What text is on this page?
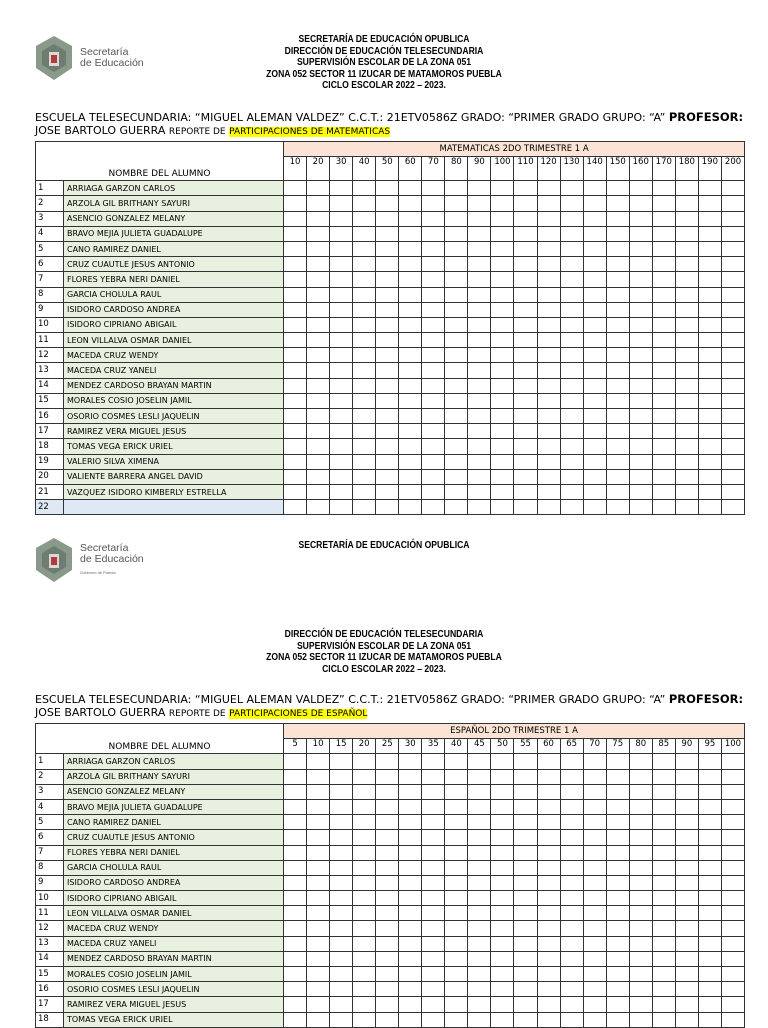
Secretaría
de Educación
SECRETARÍA DE EDUCACIÓN OPUBLICA
DIRECCIÓN DE EDUCACIÓN TELESECUNDARIA
SUPERVISIÓN ESCOLAR DE LA ZONA 051
ZONA 052 SECTOR 11 IZUCAR DE MATAMOROS PUEBLA
CICLO ESCOLAR 2022 – 2023.
ESCUELA TELESECUNDARIA: “MIGUEL ALEMAN VALDEZ” C.C.T.: 21ETV0586Z GRADO: “PRIMER GRADO GRUPO: “A” PROFESOR:
JOSE BARTOLO GUERRA REPORTE DE PARTICIPACIONES DE MATEMATICAS
NOMBRE DEL ALUMNO		MATEMATICAS 2DO TRIMESTRE 1 A																			
		10	20	30	40	50	60	70	80	90	100	110	120	130	140	150	160	170	180	190	200
1	ARRIAGA GARZON CARLOS																				
2	ARZOLA GIL BRITHANY SAYURI																				
3	ASENCIO GONZALEZ MELANY																				
4	BRAVO MEJIA JULIETA GUADALUPE																				
5	CANO RAMIREZ DANIEL																				
6	CRUZ CUAUTLE JESUS ANTONIO																				
7	FLORES YEBRA NERI DANIEL																				
8	GARCIA CHOLULA RAUL																				
9	ISIDORO CARDOSO ANDREA																				
10	ISIDORO CIPRIANO ABIGAIL																				
11	LEON VILLALVA OSMAR DANIEL																				
12	MACEDA CRUZ WENDY																				
13	MACEDA CRUZ YANELI																				
14	MENDEZ CARDOSO BRAYAN MARTIN																				
15	MORALES COSIO JOSELIN JAMIL																				
16	OSORIO COSMES LESLI JAQUELIN																				
17	RAMIREZ VERA MIGUEL JESUS																				
18	TOMAS VEGA ERICK URIEL																				
19	VALERIO SILVA XIMENA																				
20	VALIENTE BARRERA ANGEL DAVID																				
21	VAZQUEZ ISIDORO KIMBERLY ESTRELLA																				
22																					
Secretaría
de Educación
Gobierno de Puebla
SECRETARÍA DE EDUCACIÓN OPUBLICA
DIRECCIÓN DE EDUCACIÓN TELESECUNDARIA
SUPERVISIÓN ESCOLAR DE LA ZONA 051
ZONA 052 SECTOR 11 IZUCAR DE MATAMOROS PUEBLA
CICLO ESCOLAR 2022 – 2023.
ESCUELA TELESECUNDARIA: “MIGUEL ALEMAN VALDEZ” C.C.T.: 21ETV0586Z GRADO: “PRIMER GRADO GRUPO: “A” PROFESOR:
JOSE BARTOLO GUERRA REPORTE DE PARTICIPACIONES DE ESPAÑOL
NOMBRE DEL ALUMNO		ESPAÑOL 2DO TRIMESTRE 1 A																			
		5	10	15	20	25	30	35	40	45	50	55	60	65	70	75	80	85	90	95	100
1	ARRIAGA GARZON CARLOS																				
2	ARZOLA GIL BRITHANY SAYURI																				
3	ASENCIO GONZALEZ MELANY																				
4	BRAVO MEJIA JULIETA GUADALUPE																				
5	CANO RAMIREZ DANIEL																				
6	CRUZ CUAUTLE JESUS ANTONIO																				
7	FLORES YEBRA NERI DANIEL																				
8	GARCIA CHOLULA RAUL																				
9	ISIDORO CARDOSO ANDREA																				
10	ISIDORO CIPRIANO ABIGAIL																				
11	LEON VILLALVA OSMAR DANIEL																				
12	MACEDA CRUZ WENDY																				
13	MACEDA CRUZ YANELI																				
14	MENDEZ CARDOSO BRAYAN MARTIN																				
15	MORALES COSIO JOSELIN JAMIL																				
16	OSORIO COSMES LESLI JAQUELIN																				
17	RAMIREZ VERA MIGUEL JESUS																				
18	TOMAS VEGA ERICK URIEL																				
